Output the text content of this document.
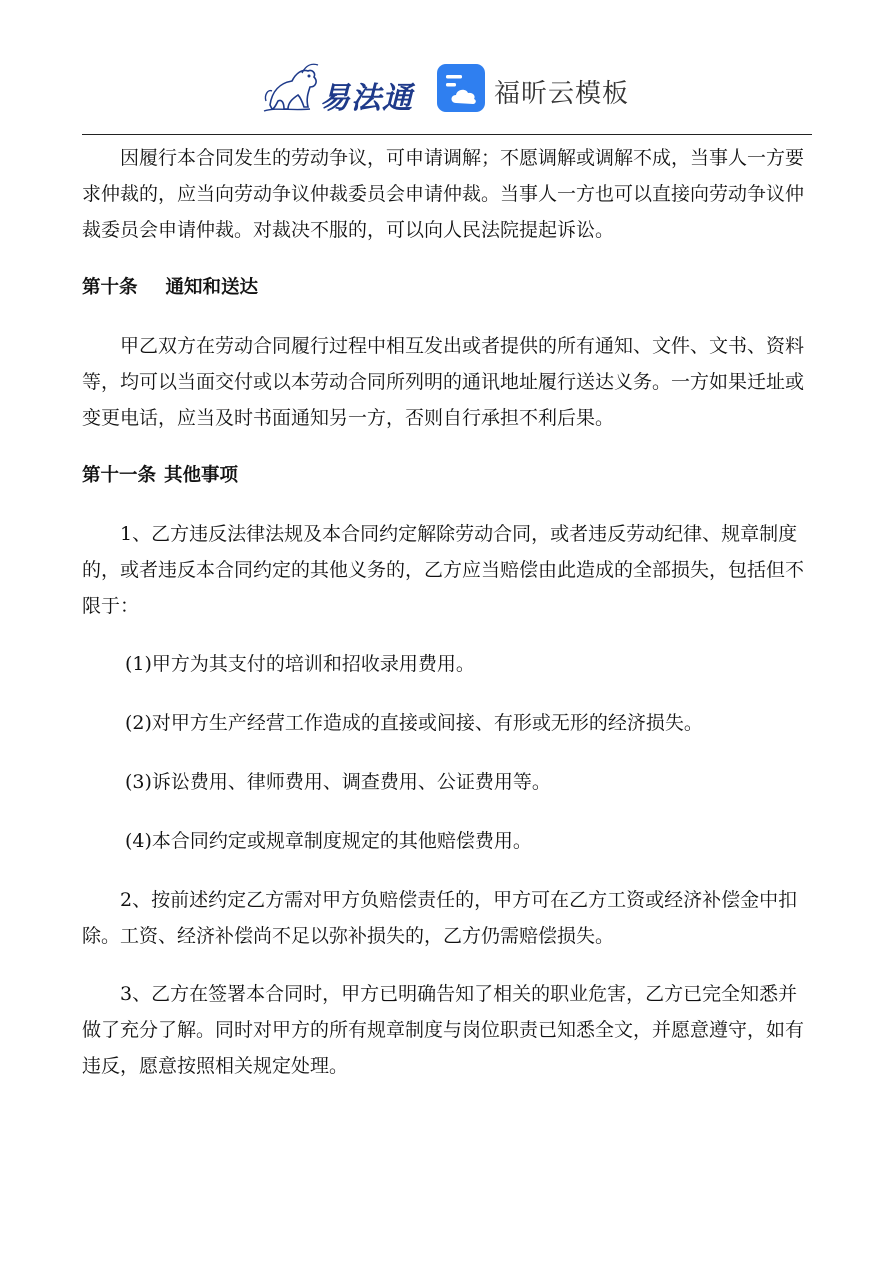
易法通	福昕云模板

因履行本合同发生的劳动争议，可申请调解；不愿调解或调解不成，当事人一方要求仲裁的，应当向劳动争议仲裁委员会申请仲裁。当事人一方也可以直接向劳动争议仲裁委员会申请仲裁。对裁决不服的，可以向人民法院提起诉讼。

第十条 通知和送达

甲乙双方在劳动合同履行过程中相互发出或者提供的所有通知、文件、文书、资料等，均可以当面交付或以本劳动合同所列明的通讯地址履行送达义务。一方如果迁址或变更电话，应当及时书面通知另一方，否则自行承担不利后果。

第十一条 其他事项

1、乙方违反法律法规及本合同约定解除劳动合同，或者违反劳动纪律、规章制度的，或者违反本合同约定的其他义务的，乙方应当赔偿由此造成的全部损失，包括但不限于：

(1)甲方为其支付的培训和招收录用费用。

(2)对甲方生产经营工作造成的直接或间接、有形或无形的经济损失。

(3)诉讼费用、律师费用、调查费用、公证费用等。

(4)本合同约定或规章制度规定的其他赔偿费用。

2、按前述约定乙方需对甲方负赔偿责任的，甲方可在乙方工资或经济补偿金中扣除。工资、经济补偿尚不足以弥补损失的，乙方仍需赔偿损失。

3、乙方在签署本合同时，甲方已明确告知了相关的职业危害，乙方已完全知悉并做了充分了解。同时对甲方的所有规章制度与岗位职责已知悉全文，并愿意遵守，如有违反，愿意按照相关规定处理。
